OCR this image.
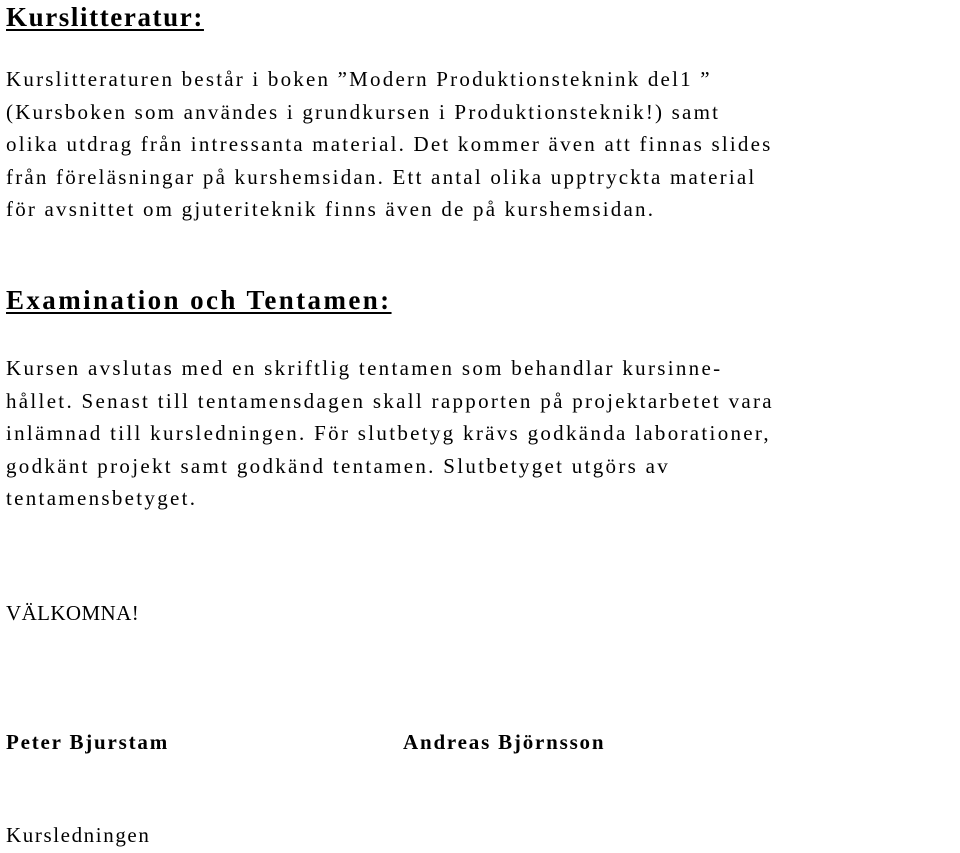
Kurslitteratur:
Kurslitteraturen består i boken ”Modern Produktionsteknink del1 ”
(Kursboken som användes i grundkursen i Produktionsteknik!) samt
olika utdrag från intressanta material. Det kommer även att finnas slides
från föreläsningar på kurshemsidan. Ett antal olika upptryckta material
för avsnittet om gjuteriteknik finns även de på kurshemsidan.
Examination och Tentamen:
Kursen avslutas med en skriftlig tentamen som behandlar kursinne-
hållet. Senast till tentamensdagen skall rapporten på projektarbetet vara
inlämnad till kursledningen. För slutbetyg krävs godkända laborationer,
godkänt projekt samt godkänd tentamen. Slutbetyget utgörs av
tentamensbetyget.

VÄLKOMNA!

Peter Bjurstam	Andreas Björnsson

Kursledningen
